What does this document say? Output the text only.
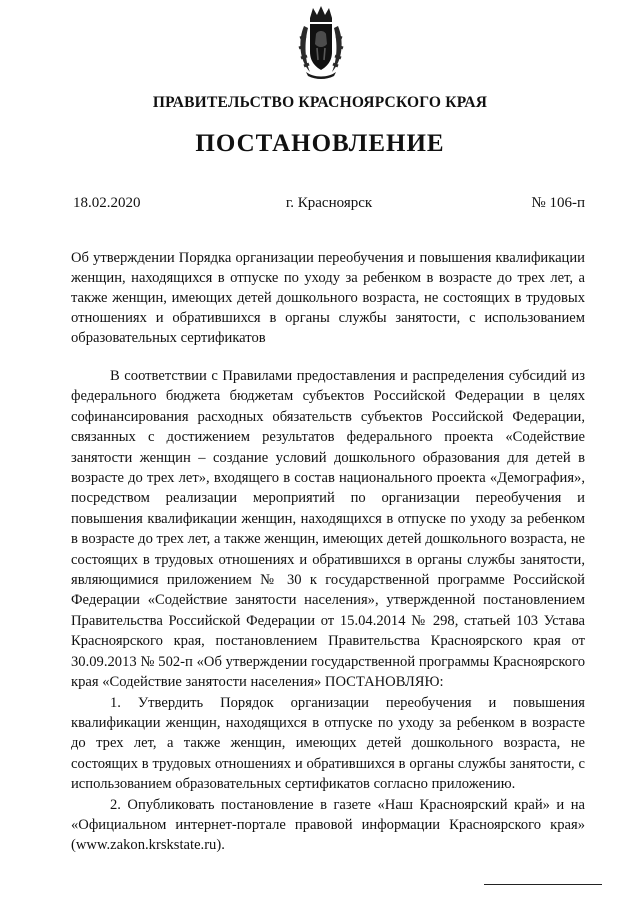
ПРАВИТЕЛЬСТВО КРАСНОЯРСКОГО КРАЯ
ПОСТАНОВЛЕНИЕ
18.02.2020	г. Красноярск	№ 106-п
Об утверждении Порядка организации переобучения и повышения квалификации женщин, находящихся в отпуске по уходу за ребенком в возрасте до трех лет, а также женщин, имеющих детей дошкольного возраста, не состоящих в трудовых отношениях и обратившихся в органы службы занятости, с использованием образовательных сертификатов

В соответствии с Правилами предоставления и распределения субсидий из федерального бюджета бюджетам субъектов Российской Федерации в целях софинансирования расходных обязательств субъектов Российской Федерации, связанных с достижением результатов федерального проекта «Содействие занятости женщин – создание условий дошкольного образования для детей в возрасте до трех лет», входящего в состав национального проекта «Демография», посредством реализации мероприятий по организации переобучения и повышения квалификации женщин, находящихся в отпуске по уходу за ребенком в возрасте до трех лет, а также женщин, имеющих детей дошкольного возраста, не состоящих в трудовых отношениях и обратившихся в органы службы занятости, являющимися приложением № 30 к государственной программе Российской Федерации «Содействие занятости населения», утвержденной постановлением Правительства Российской Федерации от 15.04.2014 № 298, статьей 103 Устава Красноярского края, постановлением Правительства Красноярского края от 30.09.2013 № 502-п «Об утверждении государственной программы Красноярского края «Содействие занятости населения» ПОСТАНОВЛЯЮ:

1. Утвердить Порядок организации переобучения и повышения квалификации женщин, находящихся в отпуске по уходу за ребенком в возрасте до трех лет, а также женщин, имеющих детей дошкольного возраста, не состоящих в трудовых отношениях и обратившихся в органы службы занятости, с использованием образовательных сертификатов согласно приложению.

2. Опубликовать постановление в газете «Наш Красноярский край» и на «Официальном интернет-портале правовой информации Красноярского края» (www.zakon.krskstate.ru).
